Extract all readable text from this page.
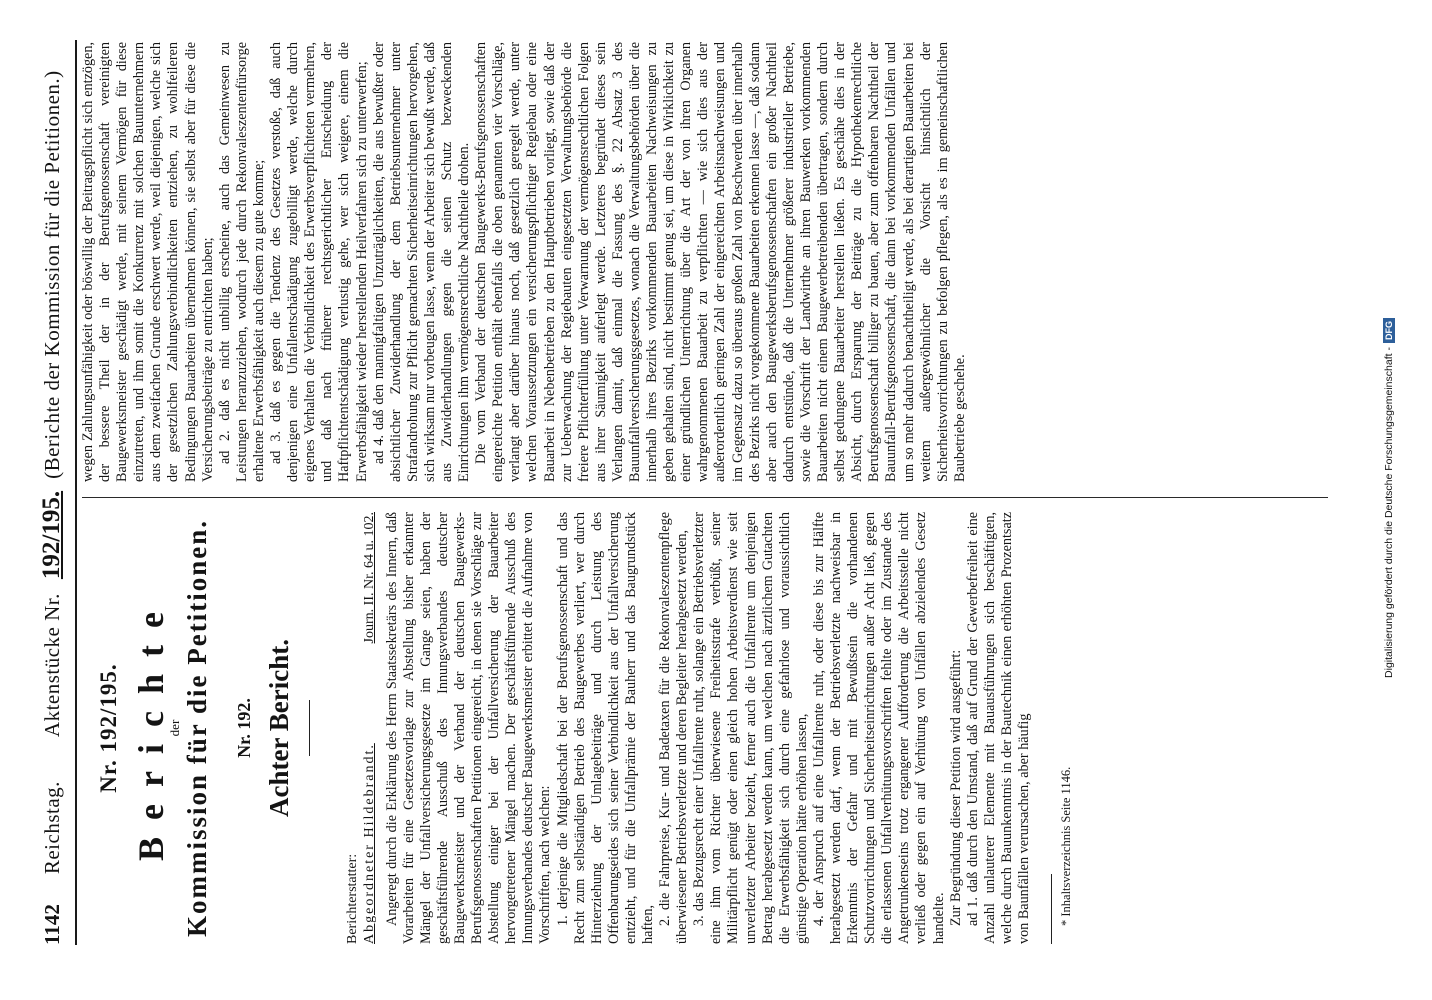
1142
Reichstag.
Aktenstücke Nr.
192/195.
(Berichte der Kommission für die Petitionen.)
Nr. 192/195. Berichte
der Kommission für die Petitionen. Nr. 192. Achter Bericht.
Berichterstatter: Abgeordneter Hildebrandt.
Journ. II. Nr. 64 u. 102. Angeregt durch die Erklärung des Herrn Staatssekretärs des Innern, daß Vorarbeiten für eine Gesetzesvorlage zur Abstellung bisher erkannter Mängel der Unfallversicherungsgesetze im Gange seien, haben der geschäftsführende Ausschuß des Innungsverbandes deutscher Baugewerksmeister und der Verband der deutschen Baugewerks-Berufsgenossenschaften Petitionen eingereicht, in denen sie Vorschläge zur Abstellung einiger bei der Unfallversicherung der Bauarbeiter hervorgetretener Mängel machen. Der geschäftsführende Ausschuß des Innungsverbandes deutscher Baugewerksmeister erbittet die Aufnahme von Vorschriften, nach welchen: 1. derjenige die Mitgliedschaft bei der Berufsgenossenschaft und das Recht zum selbständigen Betrieb des Baugewerbes verliert, wer durch Hinterziehung der Umlagebeiträge und durch Leistung des Offenbarungseides sich seiner Verbindlichkeit aus der Unfallversicherung entzieht, und für die Unfallprämie der Bauherr und das Baugrundstück haften, 2. die Fahrpreise, Kur- und Badetaxen für die Rekonvaleszentenpflege überwiesener Betriebsverletzte und deren Begleiter herabgesetzt werden, 3. das Bezugsrecht einer Unfallrente ruht, solange ein Betriebsverletzter eine ihm vom Richter überwiesene Freiheitsstrafe verbüßt, seiner Militärpflicht genügt oder einen gleich hohen Arbeitsverdienst wie seit unverletzter Arbeiter bezieht, ferner auch die Unfallrente um denjenigen Betrag herabgesetzt werden kann, um welchen nach ärztlichem Gutachten die Erwerbsfähigkeit sich durch eine gefahrlose und voraussichtlich günstige Operation hätte erhöhen lassen, 4. der Anspruch auf eine Unfallrente ruht, oder diese bis zur Hälfte herabgesetzt werden darf, wenn der Betriebsverletzte nachweisbar in Erkenntnis der Gefahr und mit Bewußtsein die vorhandenen Schutzvorrichtungen und Sicherheitseinrichtungen außer Acht ließ, gegen die erlassenen Unfallverhütungsvorschriften fehlte oder im Zustande des Angetrunkenseins trotz ergangener Aufforderung die Arbeitsstelle nicht verließ oder gegen ein auf Verhütung von Unfällen abzielendes Gesetz handelte. Zur Begründung dieser Petition wird ausgeführt: ad 1. daß durch den Umstand, daß auf Grund der Gewerbefreiheit eine Anzahl unlauterer Elemente mit Bauausführungen sich beschäftigten, welche durch Bauunkenntnis in der Bautechnik einen erhöhten Prozentsatz von Baunfällen verursachen, aber häufig * Inhaltsverzeichnis Seite 1146.

wegen Zahlungsunfähigkeit oder böswillig der Beitragspflicht sich entzögen, der bessere Theil der in der Berufsgenossenschaft vereinigten Baugewerksmeister geschädigt werde, mit seinem Vermögen für diese einzutreten, und ihm somit die Konkurrenz mit solchen Bauunternehmern aus dem zweifachen Grunde erschwert werde, weil diejenigen, welche sich der gesetzlichen Zahlungsverbindlichkeiten entziehen, zu wohlfeileren Bedingungen Bauarbeiten übernehmen können, sie selbst aber für diese die Versicherungsbeiträge zu entrichten haben; ad 2. daß es nicht unbillig erscheine, auch das Gemeinwesen zu Leistungen heranzuziehen, wodurch jede durch Rekonvaleszentenfürsorge erhaltene Erwerbsfähigkeit auch diesem zu gute komme; ad 3. daß es gegen die Tendenz des Gesetzes verstoße, daß auch denjenigen eine Unfallentschädigung zugebilligt werde, welche durch eigenes Verhalten die Verbindlichkeit des Erwerbsverpflichteten vermehren, und daß nach früherer rechtsgerichtlicher Entscheidung der Haftpflichtentschädigung verlustig gehe, wer sich weigere, einem die Erwerbsfähigkeit wieder herstellenden Heilverfahren sich zu unterwerfen; ad 4. daß den mannigfaltigen Unzuträglichkeiten, die aus bewußter oder absichtlicher Zuwiderhandlung der dem Betriebsunternehmer unter Strafandrohung zur Pflicht gemachten Sicherheitseinrichtungen hervorgehen, sich wirksam nur vorbeugen lasse, wenn der Arbeiter sich bewußt werde, daß aus Zuwiderhandlungen gegen die seinen Schutz bezweckenden Einrichtungen ihm vermögensrechtliche Nachtheile drohen. Die vom Verband der deutschen Baugewerks-Berufsgenossenschaften eingereichte Petition enthält ebenfalls die oben genannten vier Vorschläge, verlangt aber darüber hinaus noch, daß gesetzlich geregelt werde, unter welchen Voraussetzungen ein versicherungspflichtiger Regiebau oder eine Bauarbeit in Nebenbetrieben zu den Hauptbetrieben vorliegt, sowie daß der zur Ueberwachung der Regiebauten eingesetzten Verwaltungsbehörde die freiere Pflichterfüllung unter Verwarnung der vermögensrechtlichen Folgen aus ihrer Säumigkeit auferlegt werde. Letzteres begründet dieses sein Verlangen damit, daß einmal die Fassung des §. 22 Absatz 3 des Bauunfallversicherungsgesetzes, wonach die Verwaltungsbehörden über die innerhalb ihres Bezirks vorkommenden Bauarbeiten Nachweisungen zu geben gehalten sind, nicht bestimmt genug sei, um diese in Wirklichkeit zu einer gründlichen Unterrichtung über die Art der von ihren Organen wahrgenommenen Bauarbeit zu verpflichten — wie sich dies aus der außerordentlich geringen Zahl der eingereichten Arbeitsnachweisungen und im Gegensatz dazu so überaus großen Zahl von Beschwerden über innerhalb des Bezirks nicht vorgekommene Bauarbeiten erkennen lasse —, daß sodann aber auch den Baugewerksberufsgenossenschaften ein großer Nachtheil dadurch entstünde, daß die Unternehmer größerer industrieller Betriebe, sowie die Vorschrift der Landwirthe an ihren Bauwerken vorkommenden Bauarbeiten nicht einem Baugewerbetreibenden übertragen, sondern durch selbst gedungene Bauarbeiter herstellen ließen. Es geschähe dies in der Absicht, durch Ersparung der Beiträge zu die Hypothekenrechtliche Berufsgenossenschaft billiger zu bauen, aber zum offenbaren Nachtheil der Bauunfall-Berufsgenossenschaft, die dann bei vorkommenden Unfällen und um so mehr dadurch benachtheiligt werde, als bei derartigen Bauarbeiten bei weitem außergewöhnlicher die Vorsicht hinsichtlich der Sicherheitsvorrichtungen zu befolgen pflegen, als es im gemeinschaftlichen Baubetriebe geschehe.	Digitalisierung gefördert durch die Deutsche Forschungsgemeinschaft -
DFG
